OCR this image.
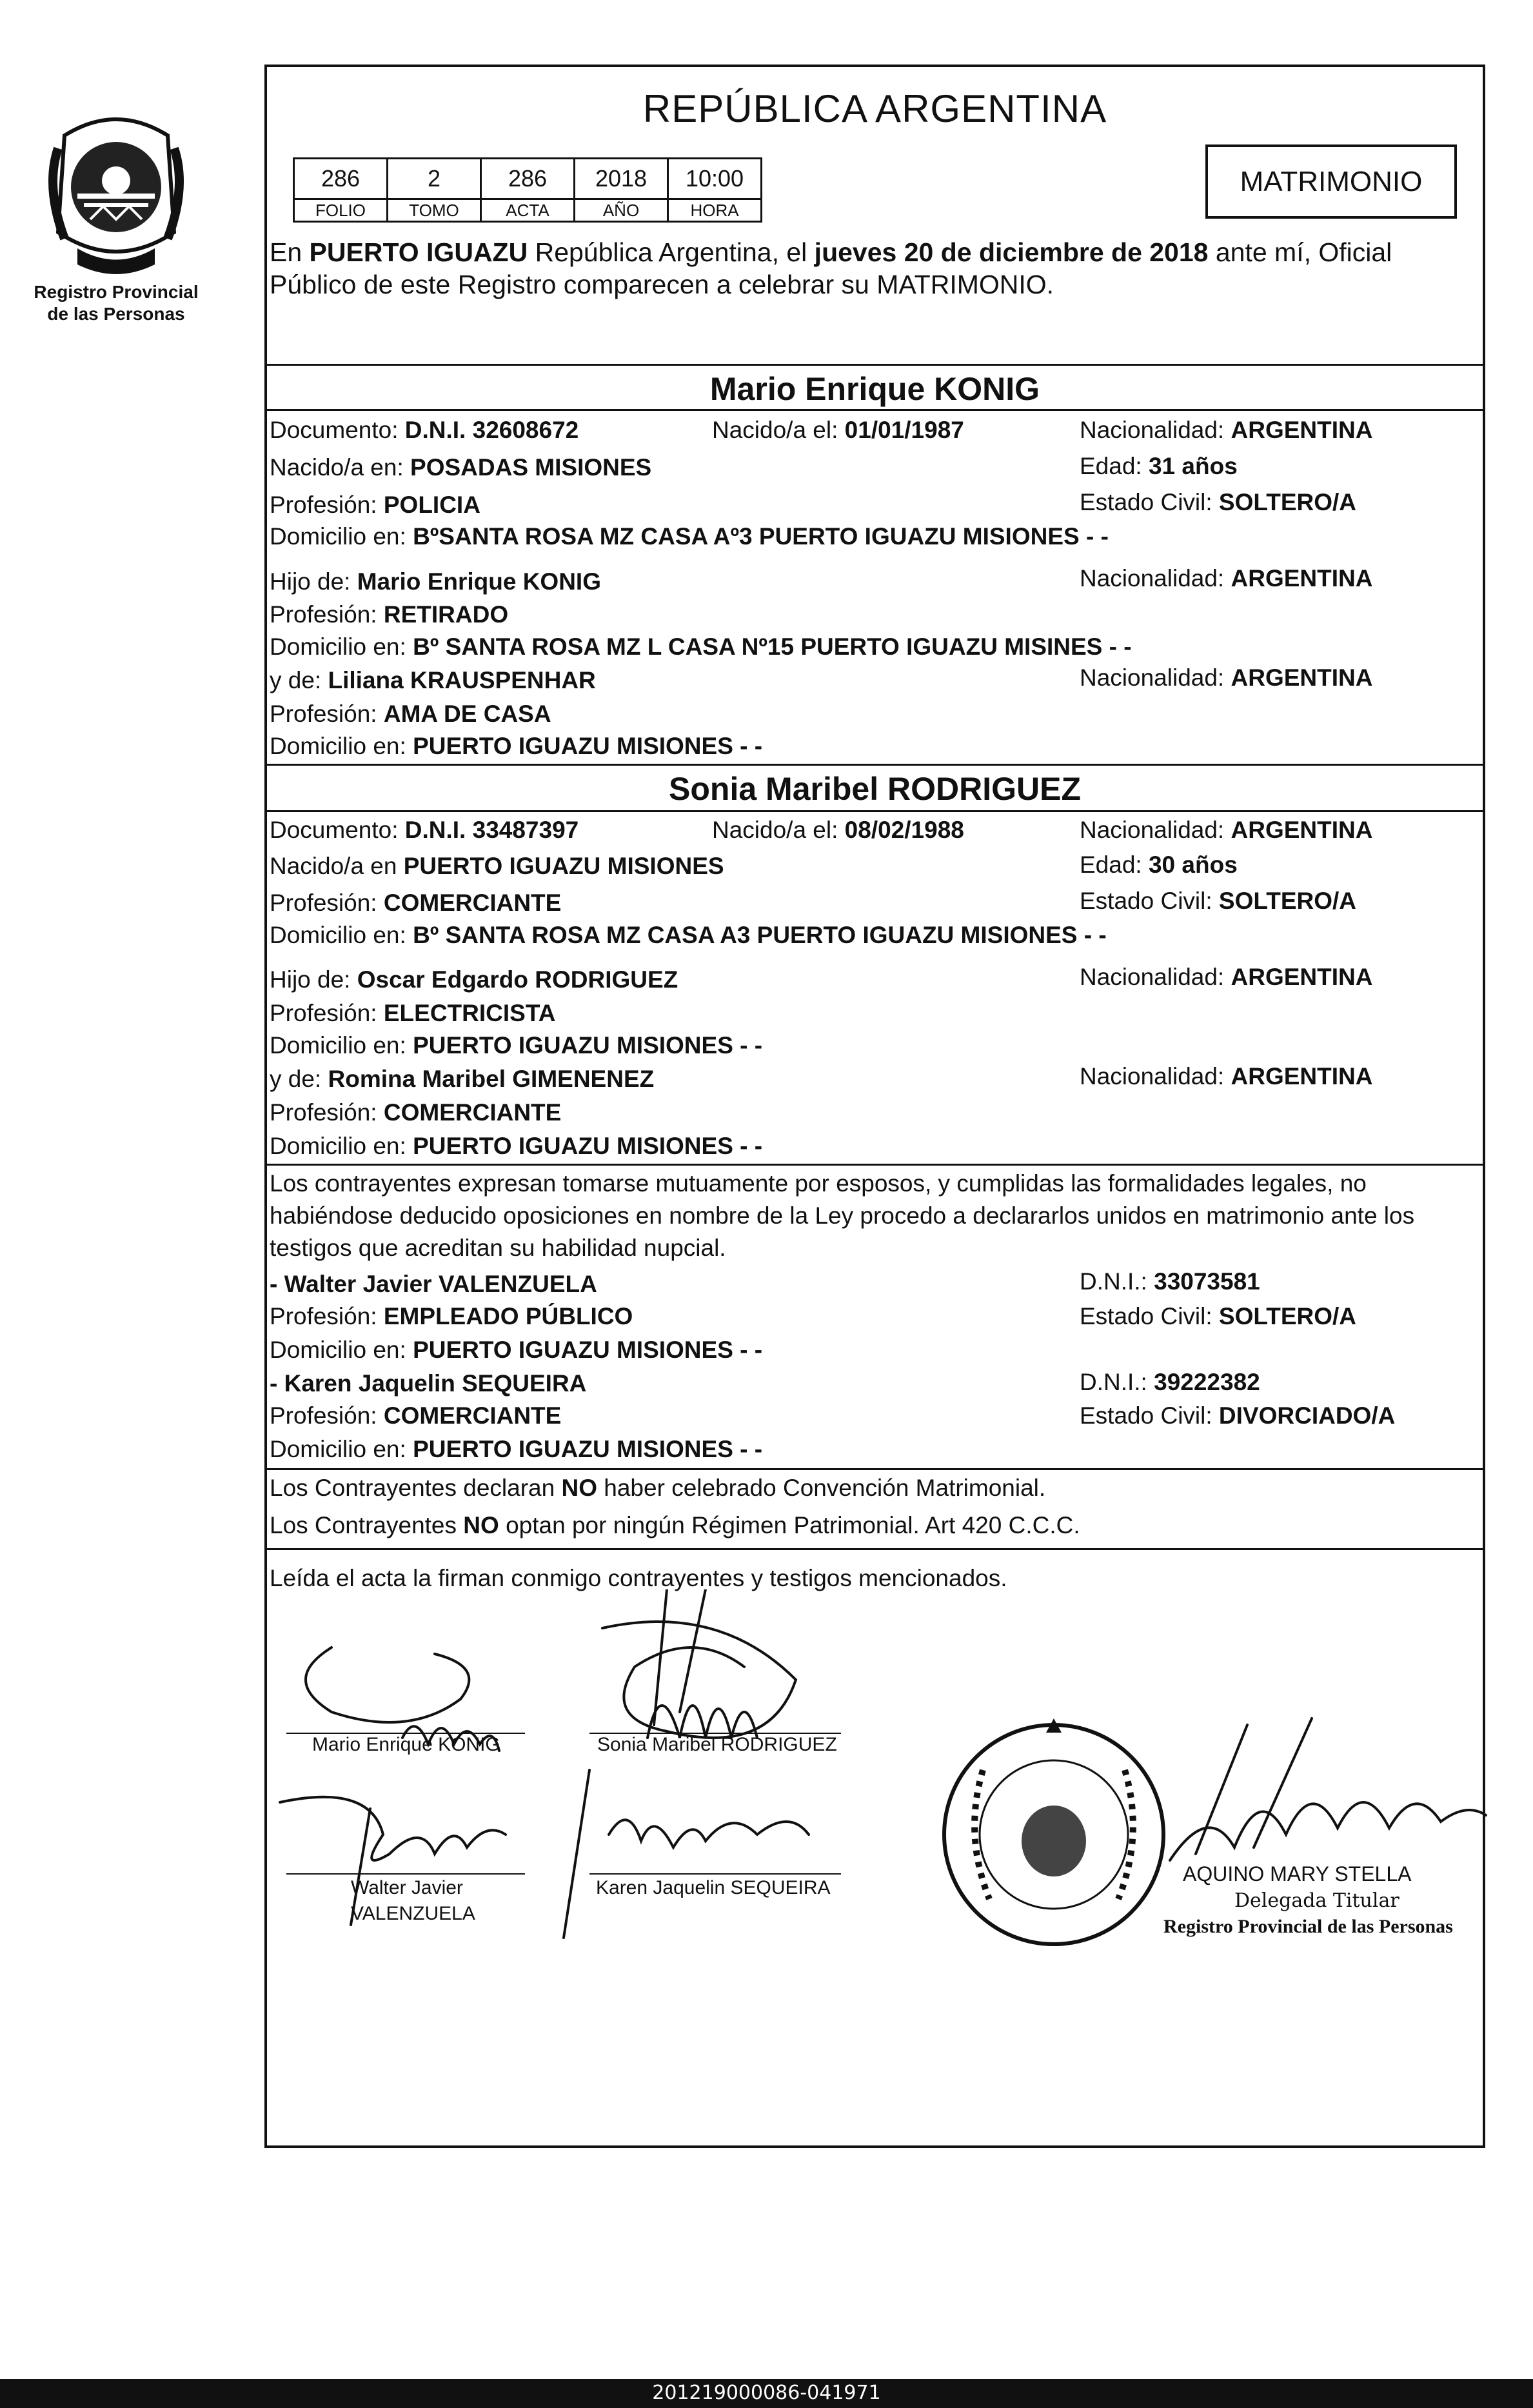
Registro Provincial
de las Personas
REPÚBLICA ARGENTINA
286	2	286	2018	10:00
FOLIO	TOMO	ACTA	AÑO	HORA
MATRIMONIO
En PUERTO IGUAZU República Argentina, el jueves 20 de diciembre de 2018 ante mí, Oficial Público de este Registro comparecen a celebrar su MATRIMONIO.
Mario Enrique KONIG
Documento: D.N.I. 32608672	Nacido/a el: 01/01/1987	Nacionalidad: ARGENTINA
Nacido/a en: POSADAS MISIONES	Edad: 31 años
Profesión: POLICIA	Estado Civil: SOLTERO/A
Domicilio en: BºSANTA ROSA MZ CASA Aº3 PUERTO IGUAZU MISIONES - -
Hijo de: Mario Enrique KONIG	Nacionalidad: ARGENTINA
Profesión: RETIRADO
Domicilio en: Bº SANTA ROSA MZ L CASA Nº15 PUERTO IGUAZU MISINES - -
y de: Liliana KRAUSPENHAR	Nacionalidad: ARGENTINA
Profesión: AMA DE CASA
Domicilio en: PUERTO IGUAZU MISIONES - -
Sonia Maribel RODRIGUEZ
Documento: D.N.I. 33487397	Nacido/a el: 08/02/1988	Nacionalidad: ARGENTINA
Nacido/a en PUERTO IGUAZU MISIONES	Edad: 30 años
Profesión: COMERCIANTE	Estado Civil: SOLTERO/A
Domicilio en: Bº SANTA ROSA MZ CASA A3 PUERTO IGUAZU MISIONES - -
Hijo de: Oscar Edgardo RODRIGUEZ	Nacionalidad: ARGENTINA
Profesión: ELECTRICISTA
Domicilio en: PUERTO IGUAZU MISIONES - -
y de: Romina Maribel GIMENENEZ	Nacionalidad: ARGENTINA
Profesión: COMERCIANTE
Domicilio en: PUERTO IGUAZU MISIONES - -
Los contrayentes expresan tomarse mutuamente por esposos, y cumplidas las formalidades legales, no habiéndose deducido oposiciones en nombre de la Ley procedo a declararlos unidos en matrimonio ante los testigos que acreditan su habilidad nupcial.
- Walter Javier VALENZUELA	D.N.I.: 33073581
Profesión: EMPLEADO PÚBLICO	Estado Civil: SOLTERO/A
Domicilio en: PUERTO IGUAZU MISIONES - -
- Karen Jaquelin SEQUEIRA	D.N.I.: 39222382
Profesión: COMERCIANTE	Estado Civil: DIVORCIADO/A
Domicilio en: PUERTO IGUAZU MISIONES - -
Los Contrayentes declaran NO haber celebrado Convención Matrimonial.
Los Contrayentes NO optan por ningún Régimen Patrimonial. Art 420 C.C.C.
Leída el acta la firman conmigo contrayentes y testigos mencionados.
Mario Enrique KONIG	Sonia Maribel RODRIGUEZ
Walter Javier
VALENZUELA
Karen Jaquelin SEQUEIRA
AQUINO MARY STELLA
Delegada Titular
Registro Provincial de las Personas
201219000086-041971
